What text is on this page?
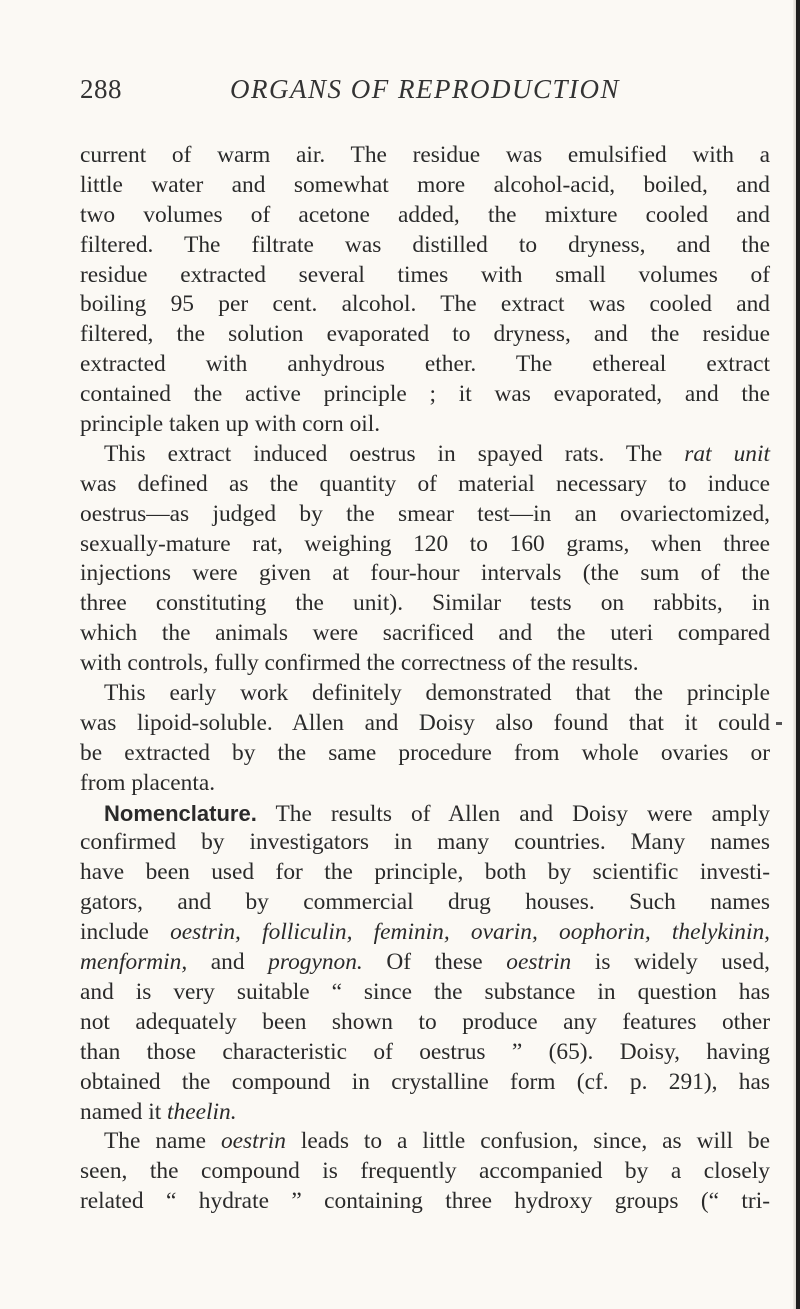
288	ORGANS OF REPRODUCTION
current of warm air. The residue was emulsified with a
little water and somewhat more alcohol-acid, boiled, and
two volumes of acetone added, the mixture cooled and
filtered. The filtrate was distilled to dryness, and the
residue extracted several times with small volumes of
boiling 95 per cent. alcohol. The extract was cooled and
filtered, the solution evaporated to dryness, and the residue
extracted with anhydrous ether. The ethereal extract
contained the active principle ; it was evaporated, and the
principle taken up with corn oil.
This extract induced oestrus in spayed rats. The rat unit
was defined as the quantity of material necessary to induce
oestrus—as judged by the smear test—in an ovariectomized,
sexually-mature rat, weighing 120 to 160 grams, when three
injections were given at four-hour intervals (the sum of the
three constituting the unit). Similar tests on rabbits, in
which the animals were sacrificed and the uteri compared
with controls, fully confirmed the correctness of the results.
This early work definitely demonstrated that the principle
was lipoid-soluble. Allen and Doisy also found that it could
be extracted by the same procedure from whole ovaries or
from placenta.
Nomenclature. The results of Allen and Doisy were amply
confirmed by investigators in many countries. Many names
have been used for the principle, both by scientific investi-
gators, and by commercial drug houses. Such names
include oestrin, folliculin, feminin, ovarin, oophorin, thelykinin,
menformin, and progynon. Of these oestrin is widely used,
and is very suitable “ since the substance in question has
not adequately been shown to produce any features other
than those characteristic of oestrus ” (65). Doisy, having
obtained the compound in crystalline form (cf. p. 291), has
named it theelin.
The name oestrin leads to a little confusion, since, as will be
seen, the compound is frequently accompanied by a closely
related “ hydrate ” containing three hydroxy groups (“ tri-
